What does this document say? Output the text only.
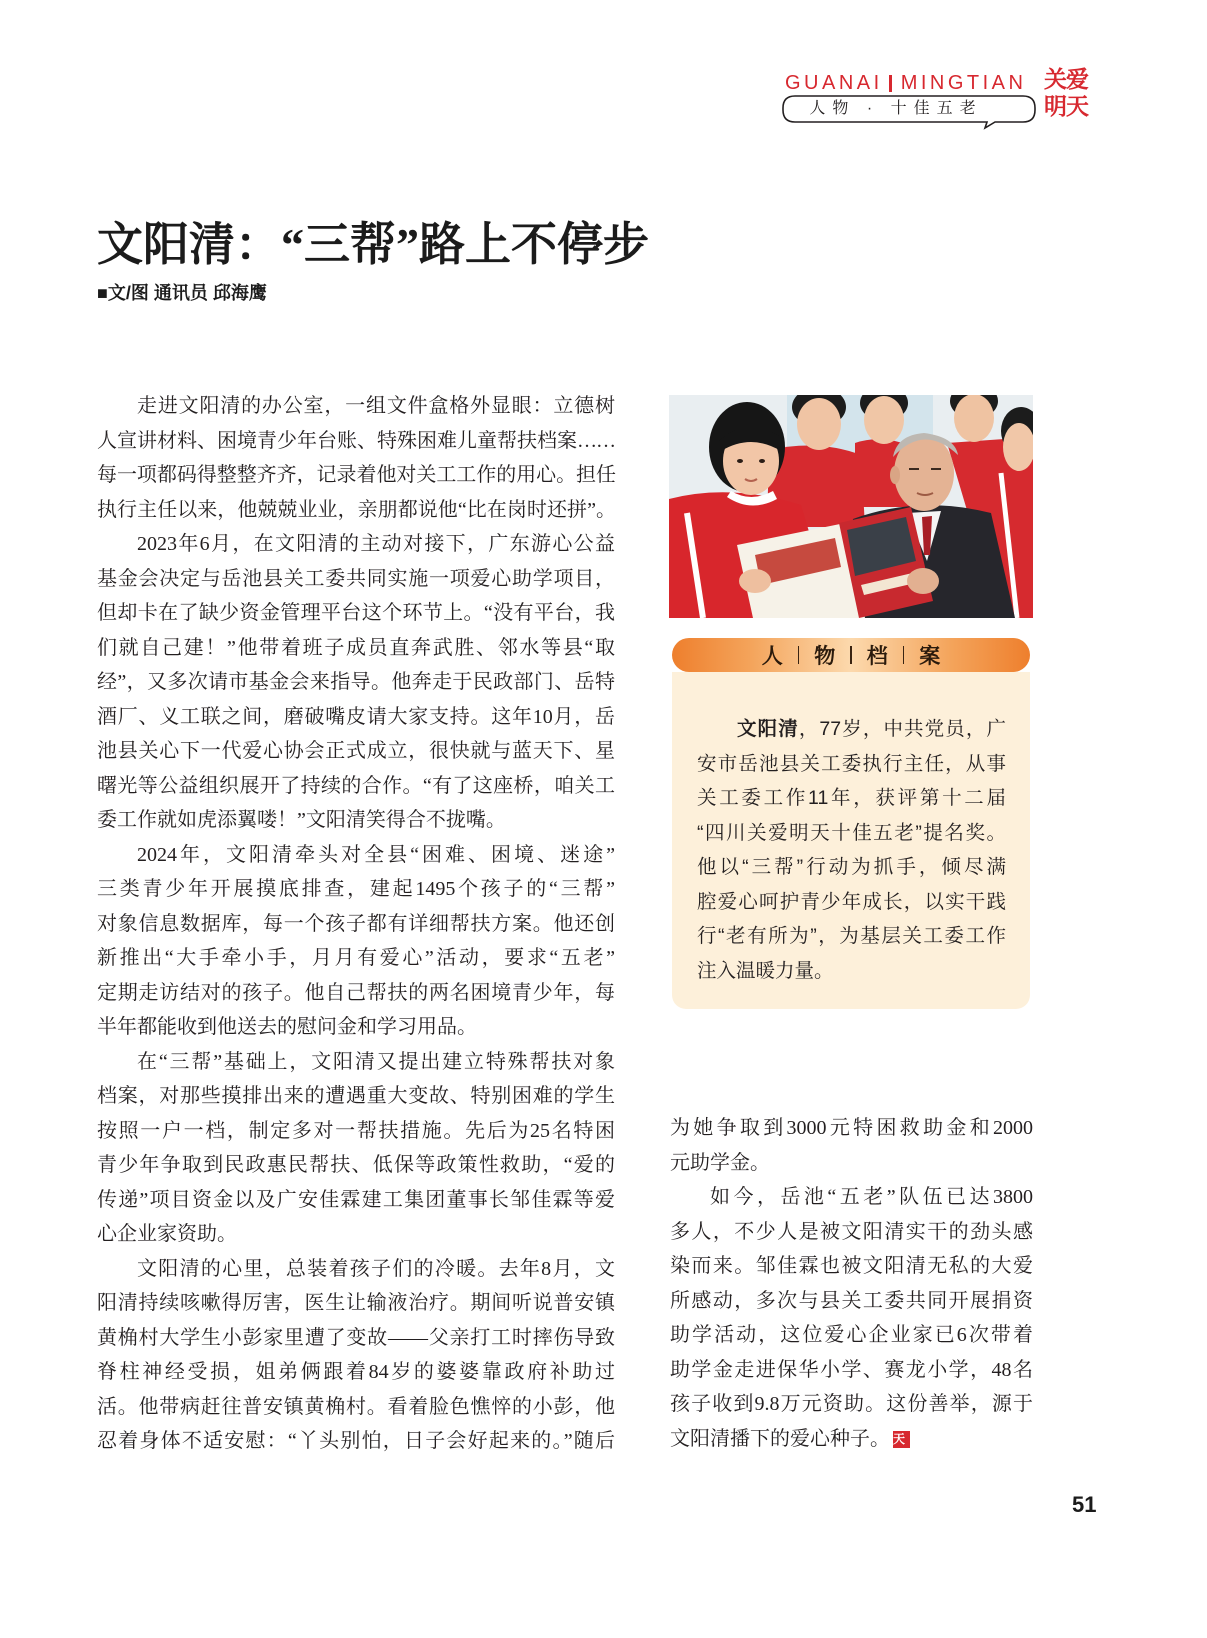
GUANAI MINGTIAN
人物 · 十佳五老
关爱
明天
文阳清：“三帮”路上不停步
■文/图 通讯员 邱海鹰
走进文阳清的办公室，一组文件盒格外显眼：立德树
人宣讲材料、困境青少年台账、特殊困难儿童帮扶档案……
每一项都码得整整齐齐，记录着他对关工工作的用心。担任
执行主任以来，他兢兢业业，亲朋都说他“比在岗时还拼”。
2023年6月，在文阳清的主动对接下，广东游心公益
基金会决定与岳池县关工委共同实施一项爱心助学项目，
但却卡在了缺少资金管理平台这个环节上。“没有平台，我
们就自己建！”他带着班子成员直奔武胜、邻水等县“取
经”，又多次请市基金会来指导。他奔走于民政部门、岳特
酒厂、义工联之间，磨破嘴皮请大家支持。这年10月，岳
池县关心下一代爱心协会正式成立，很快就与蓝天下、星
曙光等公益组织展开了持续的合作。“有了这座桥，咱关工
委工作就如虎添翼喽！”文阳清笑得合不拢嘴。
2024年，文阳清牵头对全县“困难、困境、迷途”
三类青少年开展摸底排查，建起1495个孩子的“三帮”
对象信息数据库，每一个孩子都有详细帮扶方案。他还创
新推出“大手牵小手，月月有爱心”活动，要求“五老”
定期走访结对的孩子。他自己帮扶的两名困境青少年，每
半年都能收到他送去的慰问金和学习用品。
在“三帮”基础上，文阳清又提出建立特殊帮扶对象
档案，对那些摸排出来的遭遇重大变故、特别困难的学生
按照一户一档，制定多对一帮扶措施。先后为25名特困
青少年争取到民政惠民帮扶、低保等政策性救助，“爱的
传递”项目资金以及广安佳霖建工集团董事长邹佳霖等爱
心企业家资助。
文阳清的心里，总装着孩子们的冷暖。去年8月，文
阳清持续咳嗽得厉害，医生让输液治疗。期间听说普安镇
黄桷村大学生小彭家里遭了变故——父亲打工时摔伤导致
脊柱神经受损，姐弟俩跟着84岁的婆婆靠政府补助过
活。他带病赶往普安镇黄桷村。看着脸色憔悴的小彭，他
忍着身体不适安慰：“丫头别怕，日子会好起来的。”随后
人 物 档 案
文阳清，77岁，中共党员，广
安市岳池县关工委执行主任，从事
关工委工作11年，获评第十二届
“四川关爱明天十佳五老”提名奖。
他以“三帮”行动为抓手，倾尽满
腔爱心呵护青少年成长，以实干践
行“老有所为”，为基层关工委工作
注入温暖力量。
为她争取到3000元特困救助金和2000
元助学金。
如今，岳池“五老”队伍已达3800
多人，不少人是被文阳清实干的劲头感
染而来。邹佳霖也被文阳清无私的大爱
所感动，多次与县关工委共同开展捐资
助学活动，这位爱心企业家已6次带着
助学金走进保华小学、赛龙小学，48名
孩子收到9.8万元资助。这份善举，源于
文阳清播下的爱心种子。 天
51
